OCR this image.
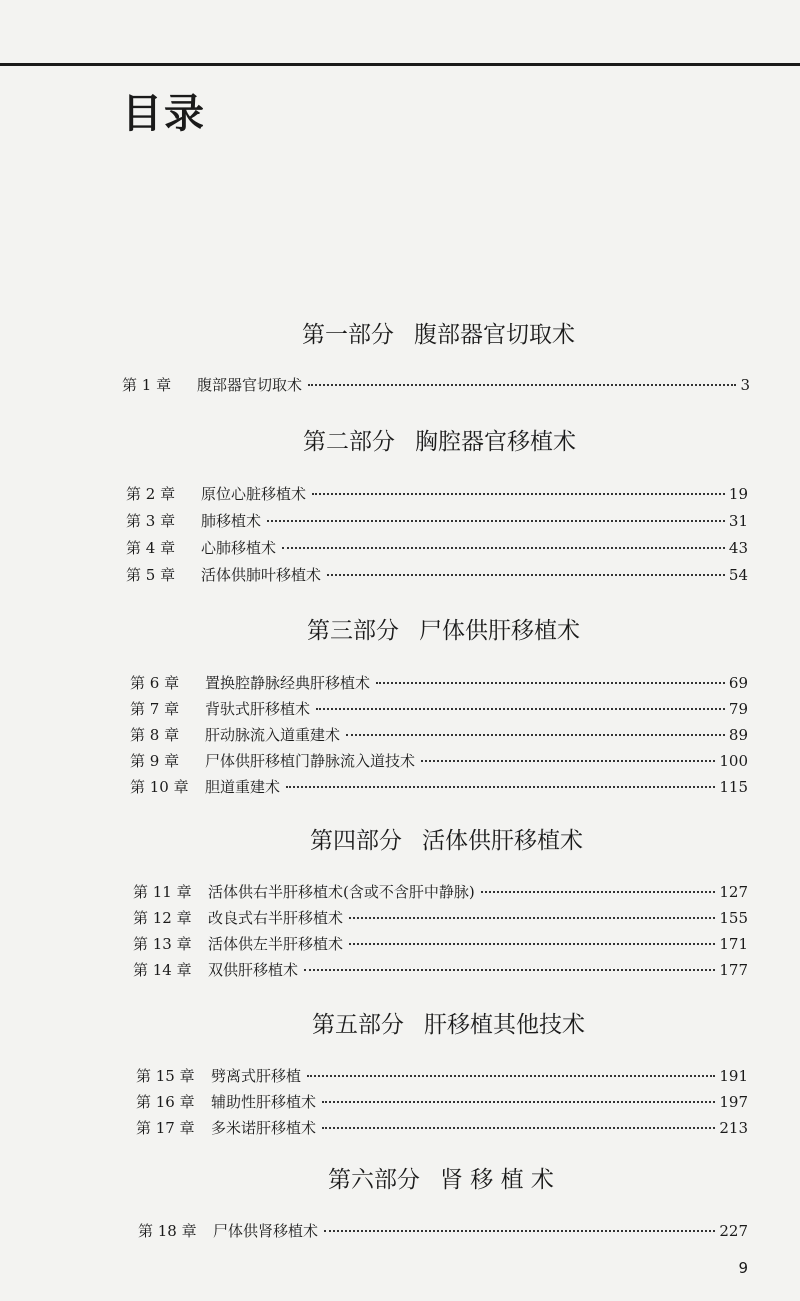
目录
第一部分 腹部器官切取术
第 1 章	腹部器官切取术	3
第二部分 胸腔器官移植术
第 2 章	原位心脏移植术	19
第 3 章	肺移植术	31
第 4 章	心肺移植术	43
第 5 章	活体供肺叶移植术	54
第三部分 尸体供肝移植术
第 6 章	置换腔静脉经典肝移植术	69
第 7 章	背驮式肝移植术	79
第 8 章	肝动脉流入道重建术	89
第 9 章	尸体供肝移植门静脉流入道技术	100
第 10 章	胆道重建术	115
第四部分 活体供肝移植术
第 11 章	活体供右半肝移植术(含或不含肝中静脉)	127
第 12 章	改良式右半肝移植术	155
第 13 章	活体供左半肝移植术	171
第 14 章	双供肝移植术	177
第五部分 肝移植其他技术
第 15 章	劈离式肝移植	191
第 16 章	辅助性肝移植术	197
第 17 章	多米诺肝移植术	213
第六部分 肾 移 植 术
第 18 章	尸体供肾移植术	227
9
